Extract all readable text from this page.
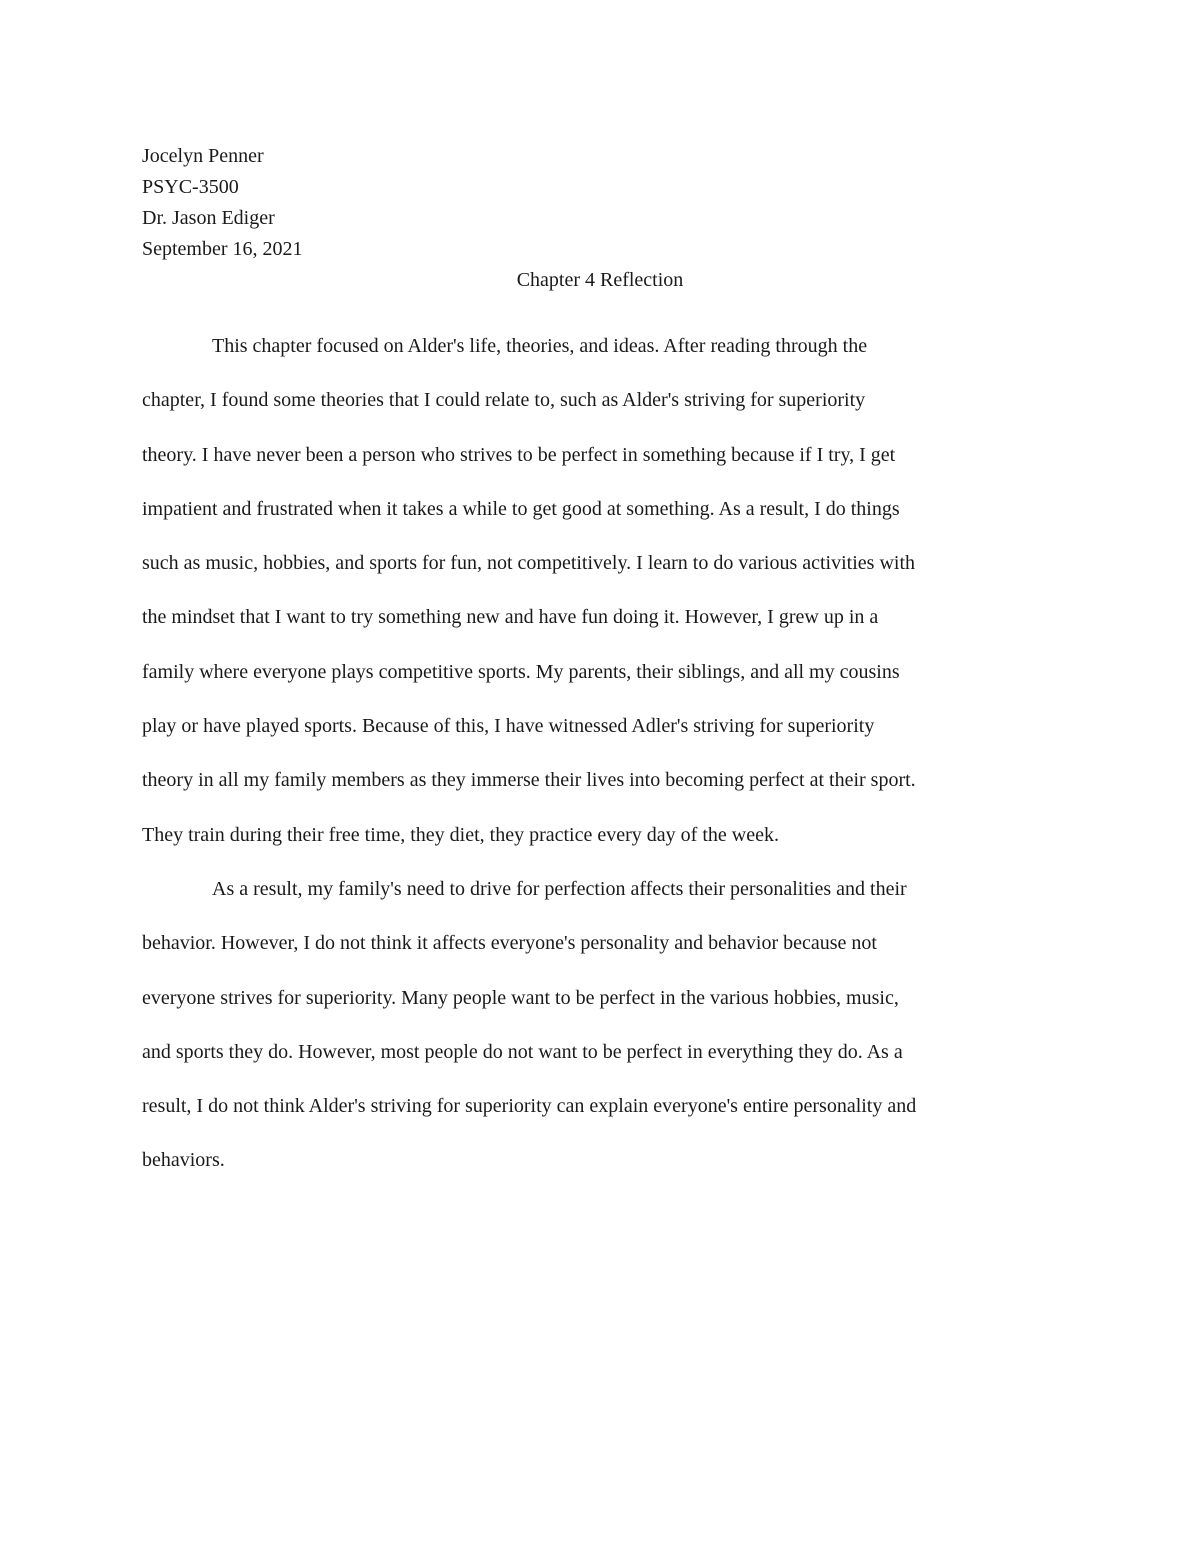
Jocelyn Penner
PSYC-3500
Dr. Jason Ediger
September 16, 2021
Chapter 4 Reflection
This chapter focused on Alder's life, theories, and ideas. After reading through the
chapter, I found some theories that I could relate to, such as Alder's striving for superiority
theory. I have never been a person who strives to be perfect in something because if I try, I get
impatient and frustrated when it takes a while to get good at something. As a result, I do things
such as music, hobbies, and sports for fun, not competitively. I learn to do various activities with
the mindset that I want to try something new and have fun doing it. However, I grew up in a
family where everyone plays competitive sports. My parents, their siblings, and all my cousins
play or have played sports. Because of this, I have witnessed Adler's striving for superiority
theory in all my family members as they immerse their lives into becoming perfect at their sport.
They train during their free time, they diet, they practice every day of the week.
As a result, my family's need to drive for perfection affects their personalities and their
behavior. However, I do not think it affects everyone's personality and behavior because not
everyone strives for superiority. Many people want to be perfect in the various hobbies, music,
and sports they do. However, most people do not want to be perfect in everything they do. As a
result, I do not think Alder's striving for superiority can explain everyone's entire personality and
behaviors.
